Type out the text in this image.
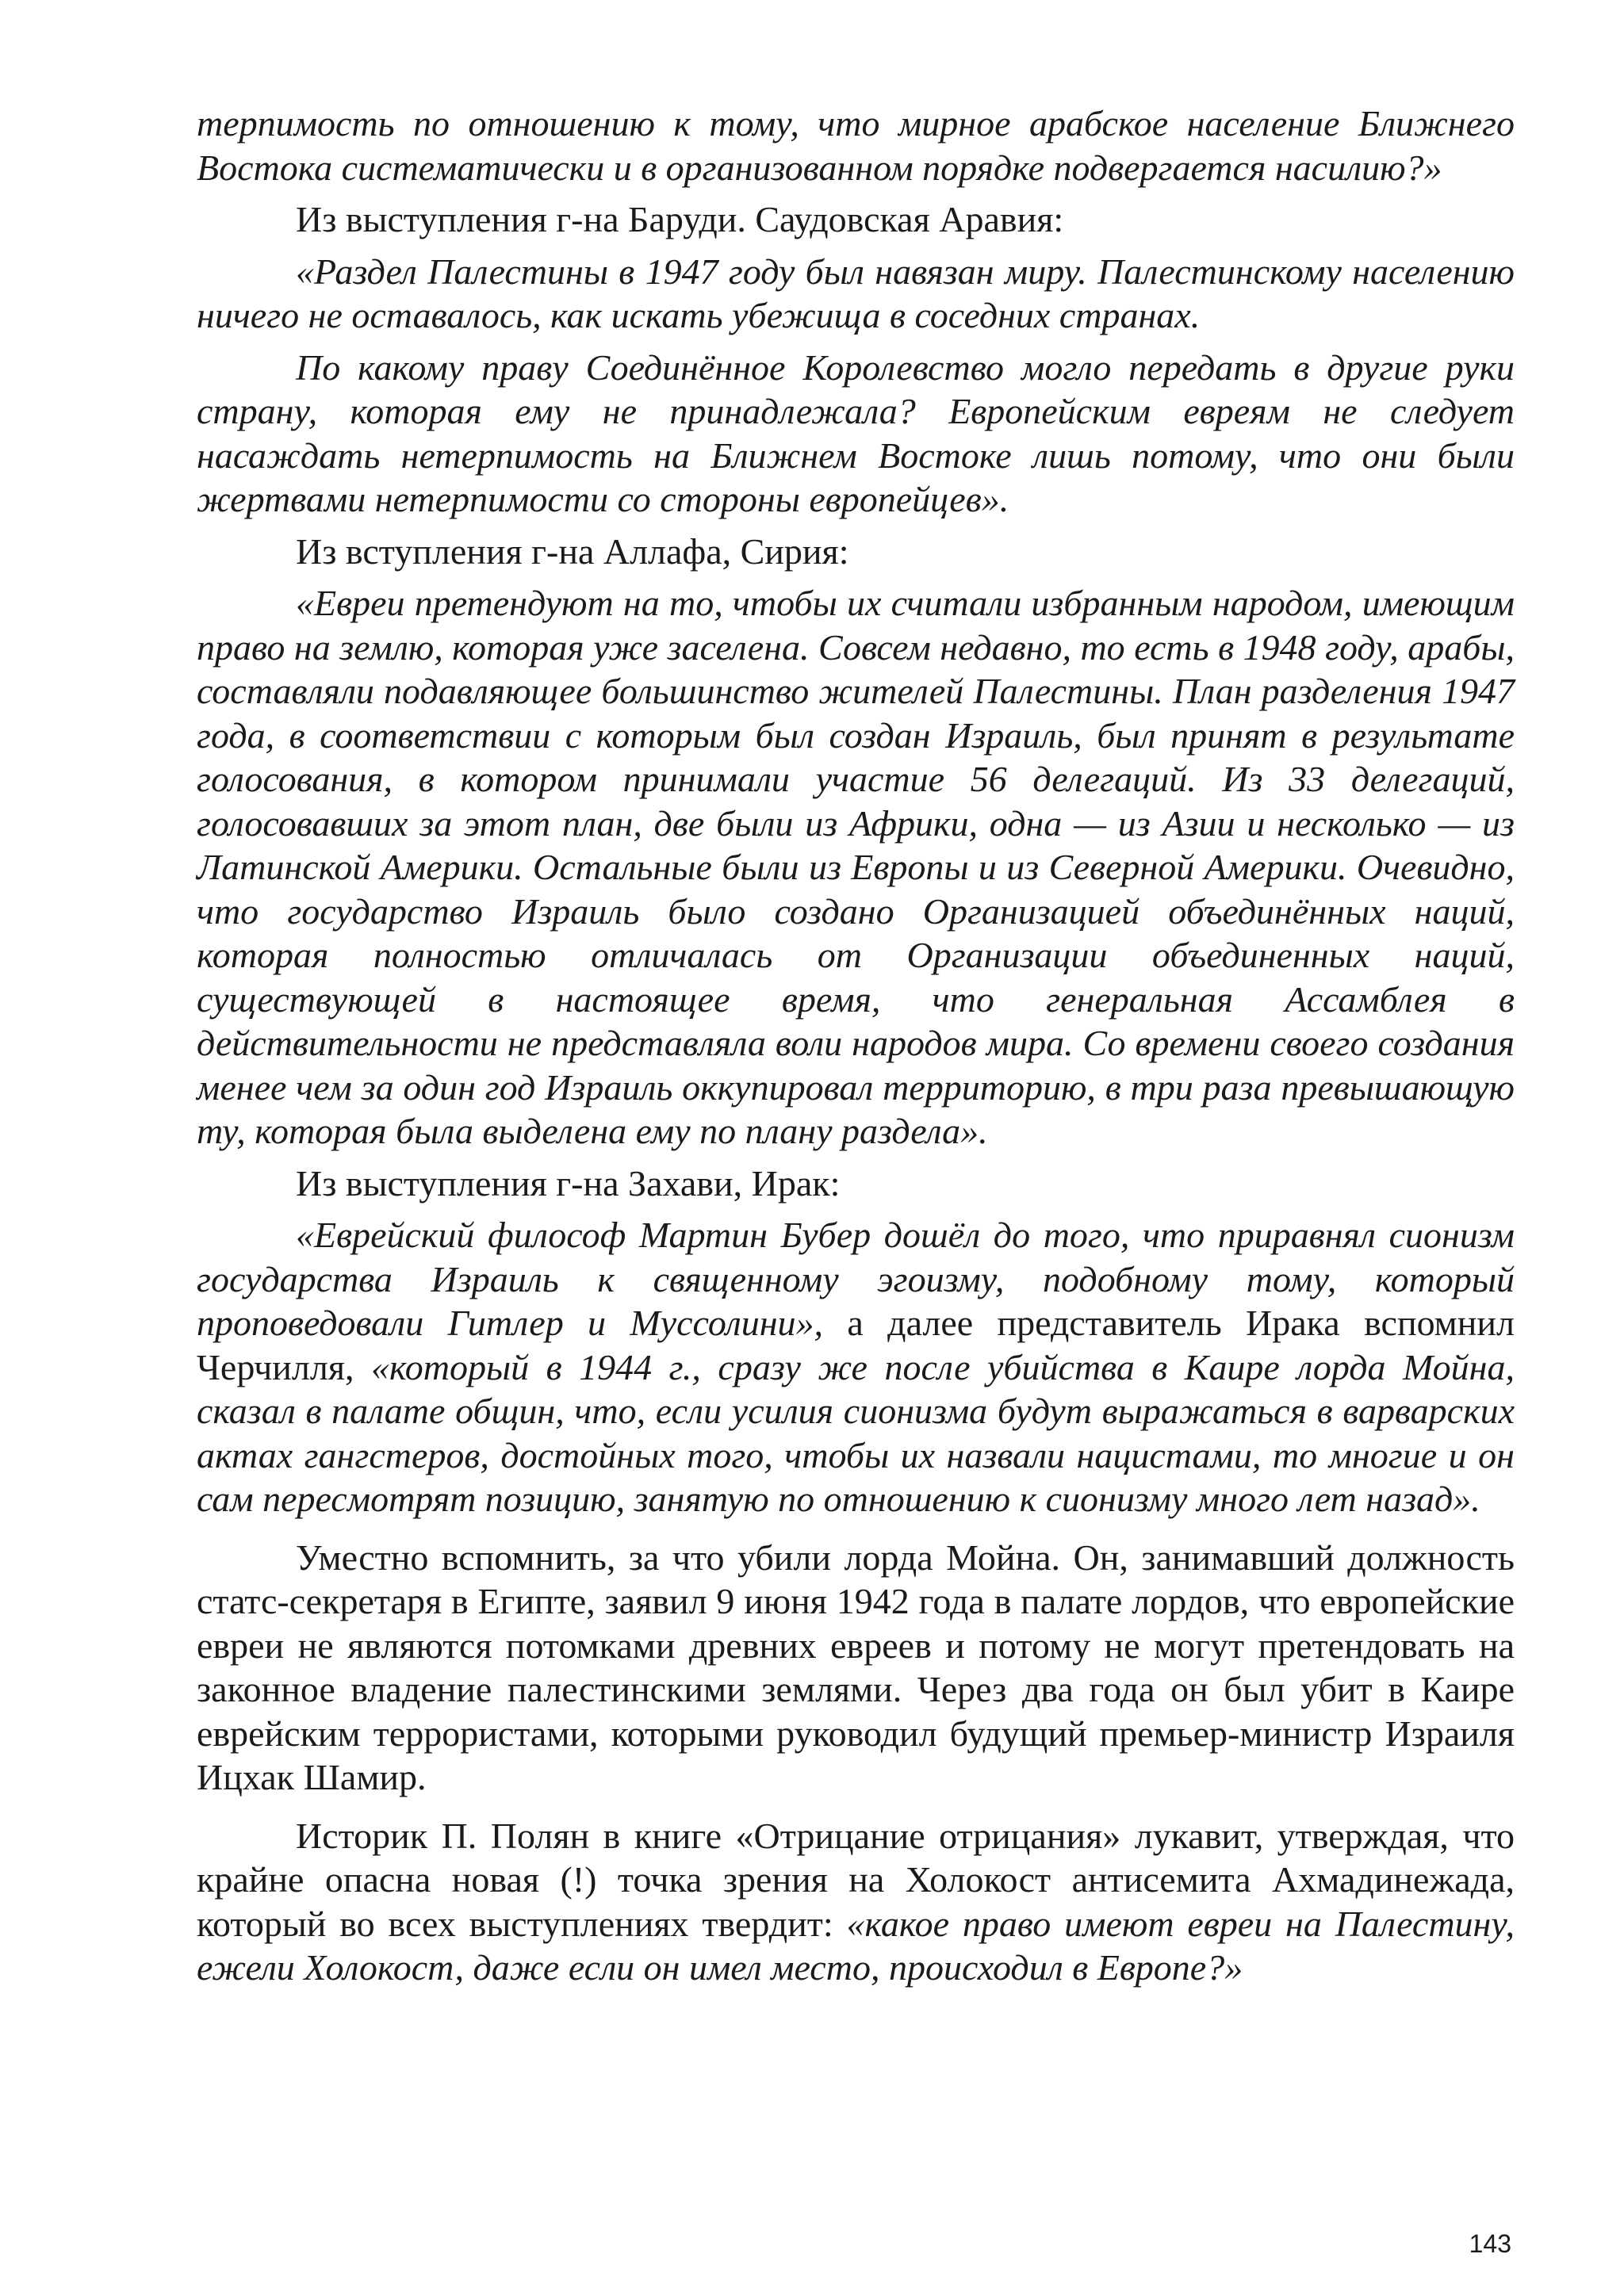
терпимость по отношению к тому, что мирное арабское население Ближнего Востока систематически и в организованном порядке подвергается насилию?»

Из выступления г-на Баруди. Саудовская Аравия:

«Раздел Палестины в 1947 году был навязан миру. Палестинскому населению ничего не оставалось, как искать убежища в соседних странах.

По какому праву Соединённое Королевство могло передать в другие руки страну, которая ему не принадлежала? Европейским евреям не следует насаждать нетерпимость на Ближнем Востоке лишь потому, что они были жертвами нетерпимости со стороны европейцев».

Из вступления г-на Аллафа, Сирия:

«Евреи претендуют на то, чтобы их считали избранным народом, имеющим право на землю, которая уже заселена. Совсем недавно, то есть в 1948 году, арабы, составляли подавляющее большинство жителей Палестины. План разделения 1947 года, в соответствии с которым был создан Израиль, был принят в результате голосования, в котором принимали участие 56 делегаций. Из 33 делегаций, голосовавших за этот план, две были из Африки, одна — из Азии и несколько — из Латинской Америки. Остальные были из Европы и из Северной Америки. Очевидно, что государство Израиль было создано Организацией объединённых наций, которая полностью отличалась от Организации объединенных наций, существующей в настоящее время, что генеральная Ассамблея в действительности не представляла воли народов мира. Со времени своего создания менее чем за один год Израиль оккупировал территорию, в три раза превышающую ту, которая была выделена ему по плану раздела».

Из выступления г-на Захави, Ирак:

«Еврейский философ Мартин Бубер дошёл до того, что приравнял сионизм государства Израиль к священному эгоизму, подобному тому, который проповедовали Гитлер и Муссолини», а далее представитель Ирака вспомнил Черчилля, «который в 1944 г., сразу же после убийства в Каире лорда Мойна, сказал в палате общин, что, если усилия сионизма будут выражаться в варварских актах гангстеров, достойных того, чтобы их назвали нацистами, то многие и он сам пересмотрят позицию, занятую по отношению к сионизму много лет назад».

Уместно вспомнить, за что убили лорда Мойна. Он, занимавший должность статс-секретаря в Египте, заявил 9 июня 1942 года в палате лордов, что европейские евреи не являются потомками древних евреев и потому не могут претендовать на законное владение палестинскими землями. Через два года он был убит в Каире еврейским террористами, которыми руководил будущий премьер-министр Израиля Ицхак Шамир.

Историк П. Полян в книге «Отрицание отрицания» лукавит, утверждая, что крайне опасна новая (!) точка зрения на Холокост антисемита Ахмадинежада, который во всех выступлениях твердит: «какое право имеют евреи на Палестину, ежели Холокост, даже если он имел место, происходил в Европе?»

143
